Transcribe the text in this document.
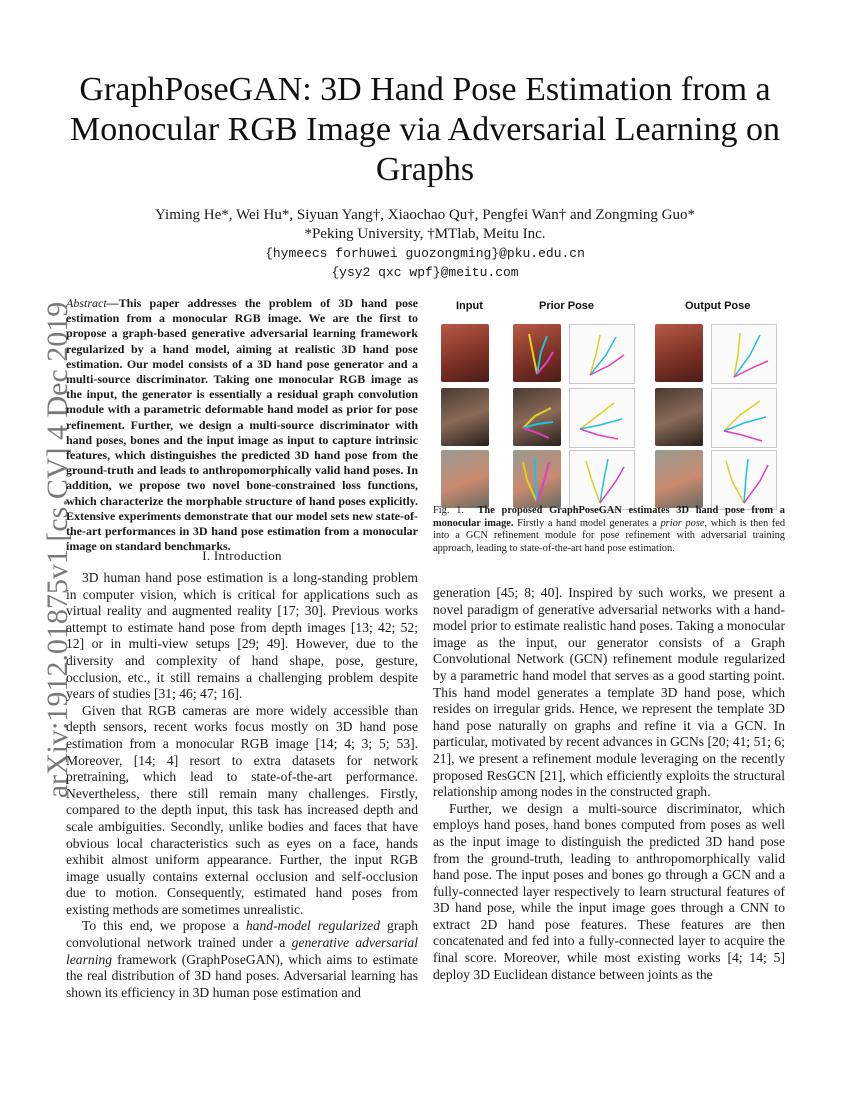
arXiv:1912.01875v1 [cs.CV] 4 Dec 2019
GraphPoseGAN: 3D Hand Pose Estimation from a Monocular RGB Image via Adversarial Learning on Graphs
Yiming He*, Wei Hu*, Siyuan Yang†, Xiaochao Qu†, Pengfei Wan† and Zongming Guo*
*Peking University, †MTlab, Meitu Inc.
{hymeecs forhuwei guozongming}@pku.edu.cn
{ysy2 qxc wpf}@meitu.com
Abstract—This paper addresses the problem of 3D hand pose estimation from a monocular RGB image. We are the first to propose a graph-based generative adversarial learning framework regularized by a hand model, aiming at realistic 3D hand pose estimation. Our model consists of a 3D hand pose generator and a multi-source discriminator. Taking one monocular RGB image as the input, the generator is essentially a residual graph convolution module with a parametric deformable hand model as prior for pose refinement. Further, we design a multi-source discriminator with hand poses, bones and the input image as input to capture intrinsic features, which distinguishes the predicted 3D hand pose from the ground-truth and leads to anthropomorphically valid hand poses. In addition, we propose two novel bone-constrained loss functions, which characterize the morphable structure of hand poses explicitly. Extensive experiments demonstrate that our model sets new state-of-the-art performances in 3D hand pose estimation from a monocular image on standard benchmarks.
I. Introduction

3D human hand pose estimation is a long-standing problem in computer vision, which is critical for applications such as virtual reality and augmented reality [17; 30]. Previous works attempt to estimate hand pose from depth images [13; 42; 52; 12] or in multi-view setups [29; 49]. However, due to the diversity and complexity of hand shape, pose, gesture, occlusion, etc., it still remains a challenging problem despite years of studies [31; 46; 47; 16].

Given that RGB cameras are more widely accessible than depth sensors, recent works focus mostly on 3D hand pose estimation from a monocular RGB image [14; 4; 3; 5; 53]. Moreover, [14; 4] resort to extra datasets for network pretraining, which lead to state-of-the-art performance. Nevertheless, there still remain many challenges. Firstly, compared to the depth input, this task has increased depth and scale ambiguities. Secondly, unlike bodies and faces that have obvious local characteristics such as eyes on a face, hands exhibit almost uniform appearance. Further, the input RGB image usually contains external occlusion and self-occlusion due to motion. Consequently, estimated hand poses from existing methods are sometimes unrealistic.

To this end, we propose a hand-model regularized graph convolutional network trained under a generative adversarial learning framework (GraphPoseGAN), which aims to estimate the real distribution of 3D hand poses. Adversarial learning has shown its efficiency in 3D human pose estimation and

Input	Prior Pose	Output Pose
Fig. 1. The proposed GraphPoseGAN estimates 3D hand pose from a monocular image. Firstly a hand model generates a prior pose, which is then fed into a GCN refinement module for pose refinement with adversarial training approach, leading to state-of-the-art hand pose estimation.

generation [45; 8; 40]. Inspired by such works, we present a novel paradigm of generative adversarial networks with a hand-model prior to estimate realistic hand poses. Taking a monocular image as the input, our generator consists of a Graph Convolutional Network (GCN) refinement module regularized by a parametric hand model that serves as a good starting point. This hand model generates a template 3D hand pose, which resides on irregular grids. Hence, we represent the template 3D hand pose naturally on graphs and refine it via a GCN. In particular, motivated by recent advances in GCNs [20; 41; 51; 6; 21], we present a refinement module leveraging on the recently proposed ResGCN [21], which efficiently exploits the structural relationship among nodes in the constructed graph.

Further, we design a multi-source discriminator, which employs hand poses, hand bones computed from poses as well as the input image to distinguish the predicted 3D hand pose from the ground-truth, leading to anthropomorphically valid hand pose. The input poses and bones go through a GCN and a fully-connected layer respectively to learn structural features of 3D hand pose, while the input image goes through a CNN to extract 2D hand pose features. These features are then concatenated and fed into a fully-connected layer to acquire the final score. Moreover, while most existing works [4; 14; 5] deploy 3D Euclidean distance between joints as the
